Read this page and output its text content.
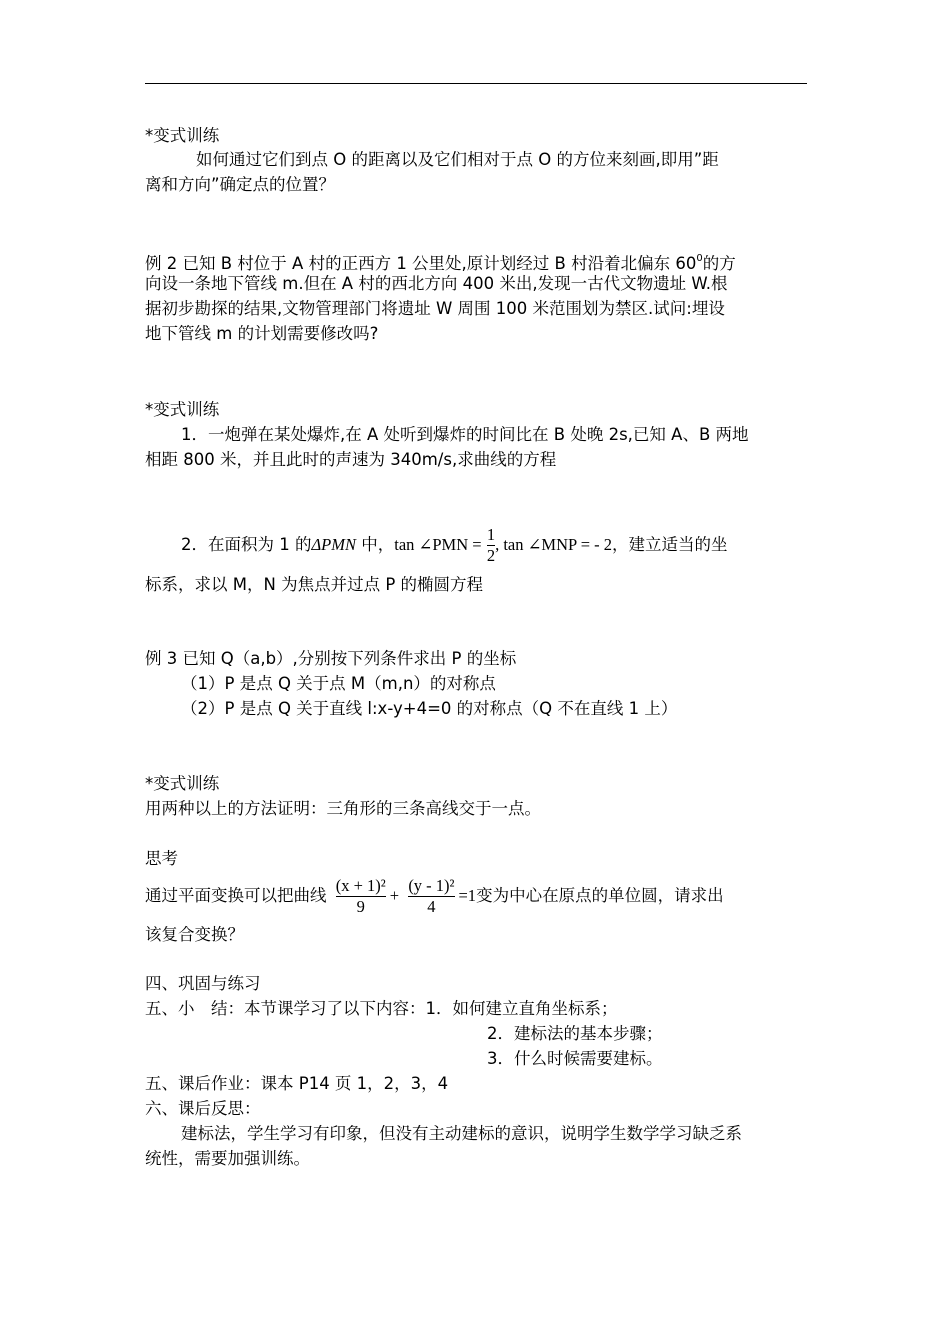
*变式训练
如何通过它们到点 O 的距离以及它们相对于点 O 的方位来刻画,即用”距
离和方向”确定点的位置？
例 2 已知 B 村位于 A 村的正西方 1 公里处,原计划经过 B 村沿着北偏东 $60^0$的方
向设一条地下管线 m.但在 A 村的西北方向 400 米出,发现一古代文物遗址 W.根
据初步勘探的结果,文物管理部门将遗址 W 周围 100 米范围划为禁区.试问:埋设
地下管线 m 的计划需要修改吗?
*变式训练
1．一炮弹在某处爆炸,在 A 处听到爆炸的时间比在 B 处晚 2s,已知 A、B 两地
相距 800 米，并且此时的声速为 340m/s,求曲线的方程
2．在面积为 1 的ΔPMN 中，tan ∠PMN = $\frac{1}{2}$ , tan ∠MNP = - 2，建立适当的坐
标系，求以 M，N 为焦点并过点 P 的椭圆方程
例 3 已知 Q（a,b）,分别按下列条件求出 P 的坐标
（1）P 是点 Q 关于点 M（m,n）的对称点
（2）P 是点 Q 关于直线 l:x-y+4=0 的对称点（Q 不在直线 1 上）
*变式训练
用两种以上的方法证明：三角形的三条高线交于一点。
思考
通过平面变换可以把曲线 $\frac{\text{(x + 1)²}}{9} + \frac{\text{(y - 1)²}}{4} =1$变为中心在原点的单位圆，请求出
该复合变换？
四、巩固与练习
五、小　结：本节课学习了以下内容：1．如何建立直角坐标系；
2．建标法的基本步骤；
3．什么时候需要建标。
五、课后作业：课本 P14 页 1，2，3，4
六、课后反思：
建标法，学生学习有印象，但没有主动建标的意识，说明学生数学学习缺乏系
统性，需要加强训练。
